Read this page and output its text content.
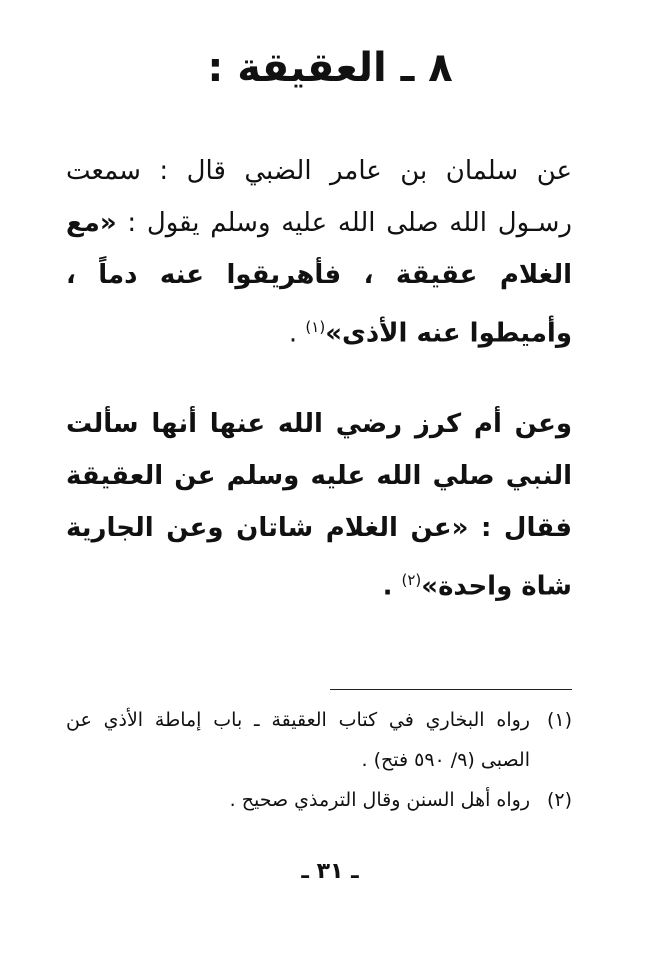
٨ ـ العقيقة :

عن سلمان بن عامر الضبي قال : سمعت رسـول الله صلى الله عليه وسلم يقول : «مع الغلام عقيقة ، فأهريقوا عنه دماً ، وأميطوا عنه الأذى»$^{(١)}$ .

وعن أم كرز رضي الله عنها أنها سألت النبي صلي الله عليه وسلم عن العقيقة فقال : «عن الغلام شاتان وعن الجارية شاة واحدة»$^{(٢)}$ .

(١)
رواه البخاري في كتاب العقيقة ـ باب إماطة الأذي عن الصبى (٩/ ٥٩٠ فتح) .
(٢)
رواه أهل السنن وقال الترمذي صحيح .
ـ ٣١ ـ
